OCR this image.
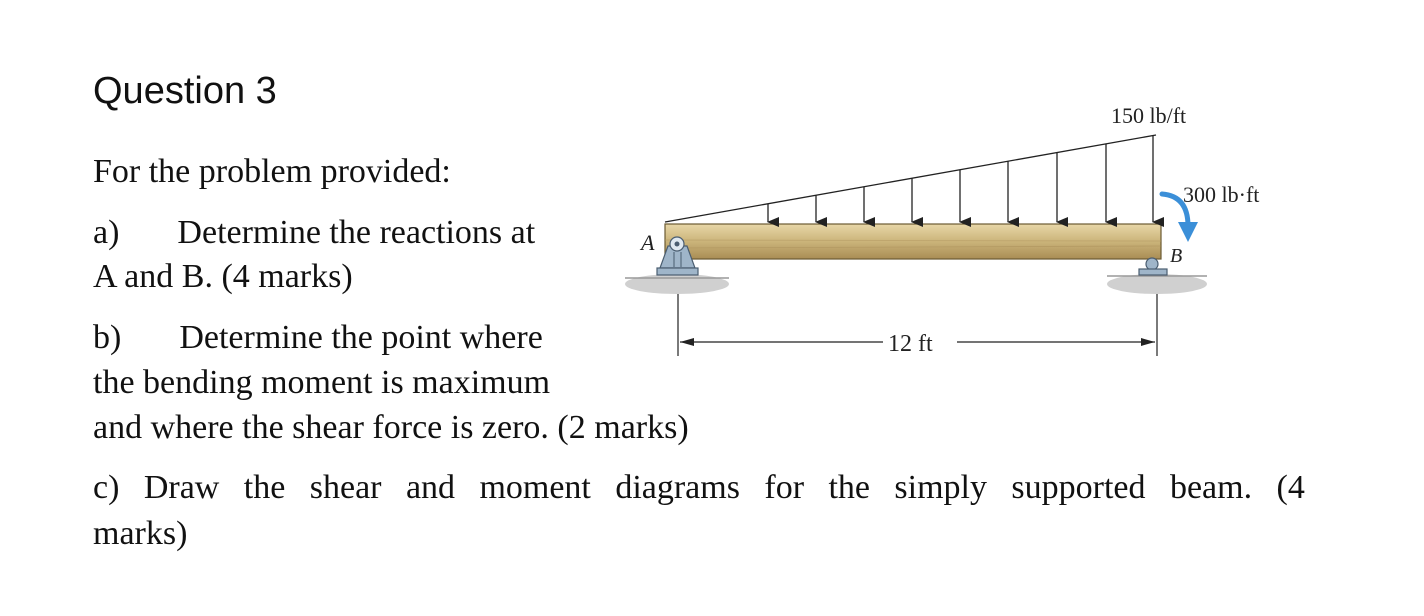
Question 3
For the problem provided:
a) Determine the reactions at
A and B. (4 marks)
b) Determine the point where
the bending moment is maximum
and where the shear force is zero. (2 marks)
c) Draw the shear and moment diagrams for the simply supported beam. (4
marks)
150 lb/ft
300 lb·ft
A
B
12 ft
